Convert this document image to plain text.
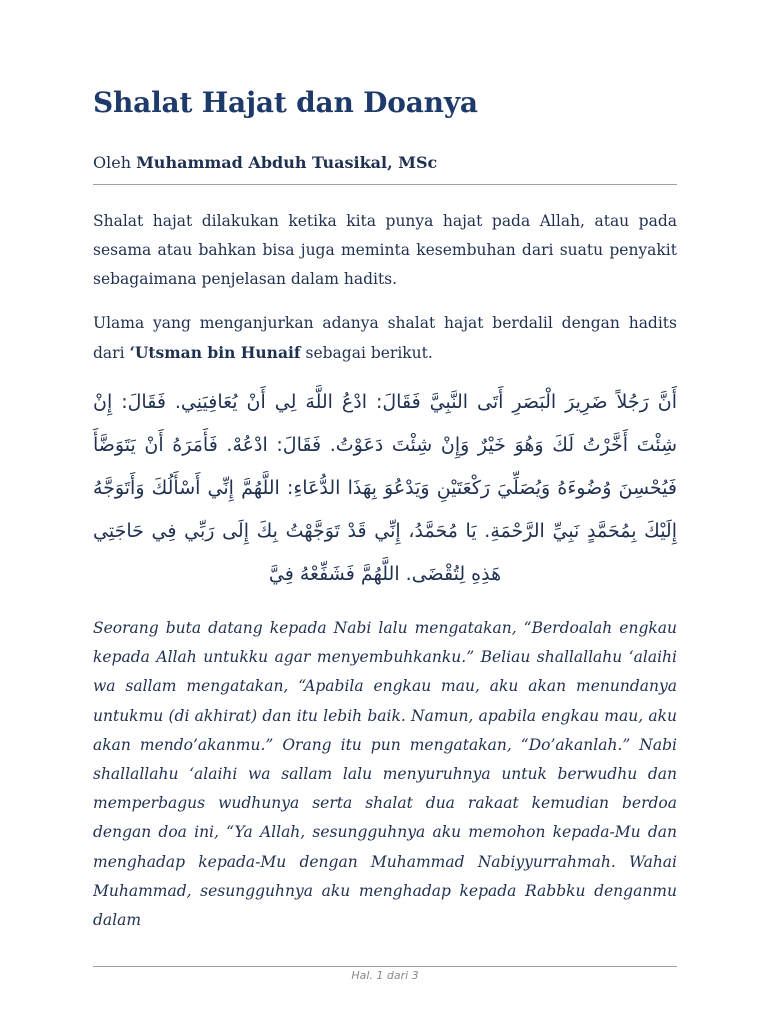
Shalat Hajat dan Doanya
Oleh Muhammad Abduh Tuasikal, MSc
Shalat hajat dilakukan ketika kita punya hajat pada Allah, atau pada sesama atau bahkan bisa juga meminta kesembuhan dari suatu penyakit sebagaimana penjelasan dalam hadits.
Ulama yang menganjurkan adanya shalat hajat berdalil dengan hadits dari ‘Utsman bin Hunaif sebagai berikut.
أَنَّ رَجُلاً ضَرِيرَ الْبَصَرِ أَتَى النَّبِيَّ فَقَالَ: ادْعُ اللَّهَ لِي أَنْ يُعَافِيَنِي. فَقَالَ: إِنْ شِئْتَ أَخَّرْتُ لَكَ وَهُوَ خَيْرٌ وَإِنْ شِئْتَ دَعَوْتُ. فَقَالَ: ادْعُهْ. فَأَمَرَهُ أَنْ يَتَوَضَّأَ فَيُحْسِنَ وُضُوءَهُ وَيُصَلِّيَ رَكْعَتَيْنِ وَيَدْعُوَ بِهَذَا الدُّعَاءِ: اللَّهُمَّ إِنِّي أَسْأَلُكَ وَأَتَوَجَّهُ إِلَيْكَ بِمُحَمَّدٍ نَبِيِّ الرَّحْمَةِ. يَا مُحَمَّدُ، إِنِّي قَدْ تَوَجَّهْتُ بِكَ إِلَى رَبِّي فِي حَاجَتِي هَذِهِ لِتُقْضَى. اللَّهُمَّ فَشَفِّعْهُ فِيَّ
Seorang buta datang kepada Nabi lalu mengatakan, “Berdoalah engkau kepada Allah untukku agar menyembuhkanku.” Beliau shallallahu ‘alaihi wa sallam mengatakan, “Apabila engkau mau, aku akan menundanya untukmu (di akhirat) dan itu lebih baik. Namun, apabila engkau mau, aku akan mendo’akanmu.” Orang itu pun mengatakan, “Do’akanlah.” Nabi shallallahu ‘alaihi wa sallam lalu menyuruhnya untuk berwudhu dan memperbagus wudhunya serta shalat dua rakaat kemudian berdoa dengan doa ini, “Ya Allah, sesungguhnya aku memohon kepada-Mu dan menghadap kepada-Mu dengan Muhammad Nabiyyurrahmah. Wahai Muhammad, sesungguhnya aku menghadap kepada Rabbku denganmu dalam
Hal. 1 dari 3
